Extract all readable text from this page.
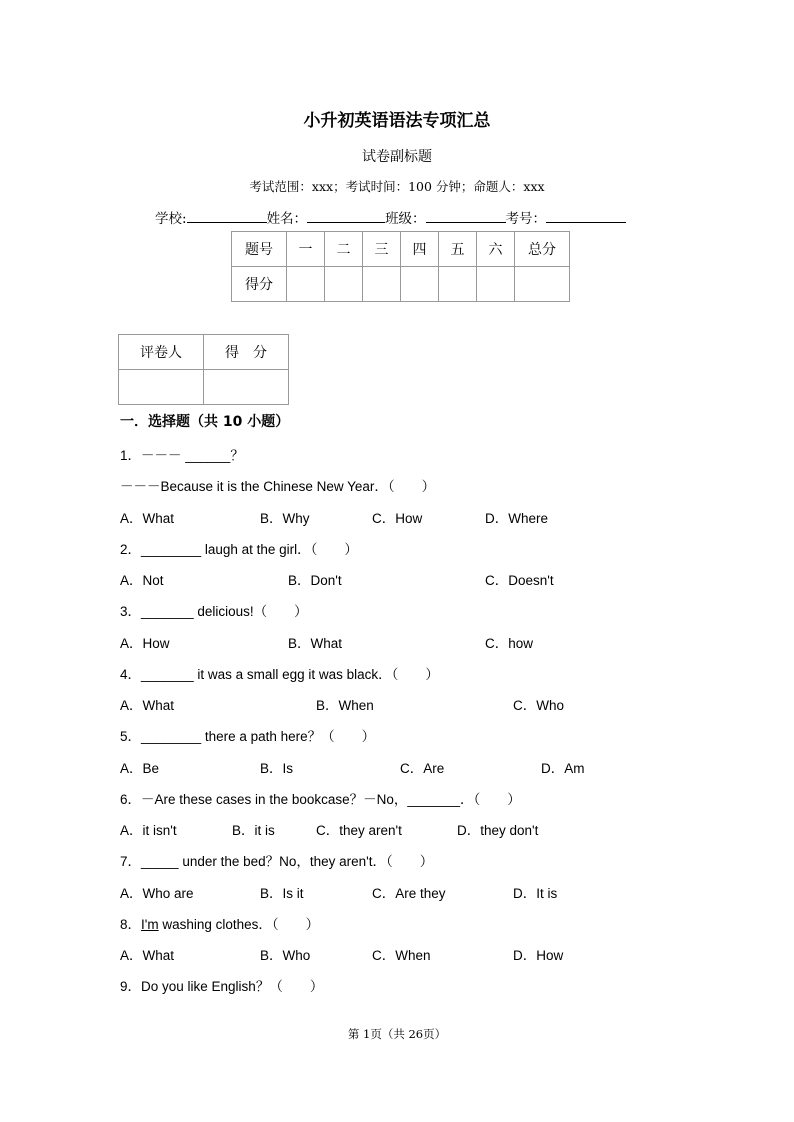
小升初英语语法专项汇总
试卷副标题
考试范围：xxx；考试时间：100 分钟；命题人：xxx
学校:	姓名：	班级：	考号：
题号	一	二	三	四	五	六	总分
得分							
评卷人	得　分

一．选择题（共 10 小题）
1．－－－ ______？
－－－Because it is the Chinese New Year．（　　）
A．What	B．Why	C．How	D．Where
2．________ laugh at the girl．（　　）
A．Not	B．Don't	C．Doesn't
3．_______ delicious!（　　）
A．How	B．What	C．how
4．_______ it was a small egg it was black．（　　）
A．What	B．When	C．Who
5．________ there a path here？（　　）
A．Be	B．Is	C．Are	D．Am
6．－Are these cases in the bookcase？－No，_______．（　　）
A．it isn't	B．it is	C．they aren't	D．they don't
7．_____ under the bed？No，they aren't．（　　）
A．Who are	B．Is it	C．Are they	D．It is
8．I'm washing clothes．（　　）
A．What	B．Who	C．When	D．How
9．Do you like English？（　　）
第 1页（共 26页）
